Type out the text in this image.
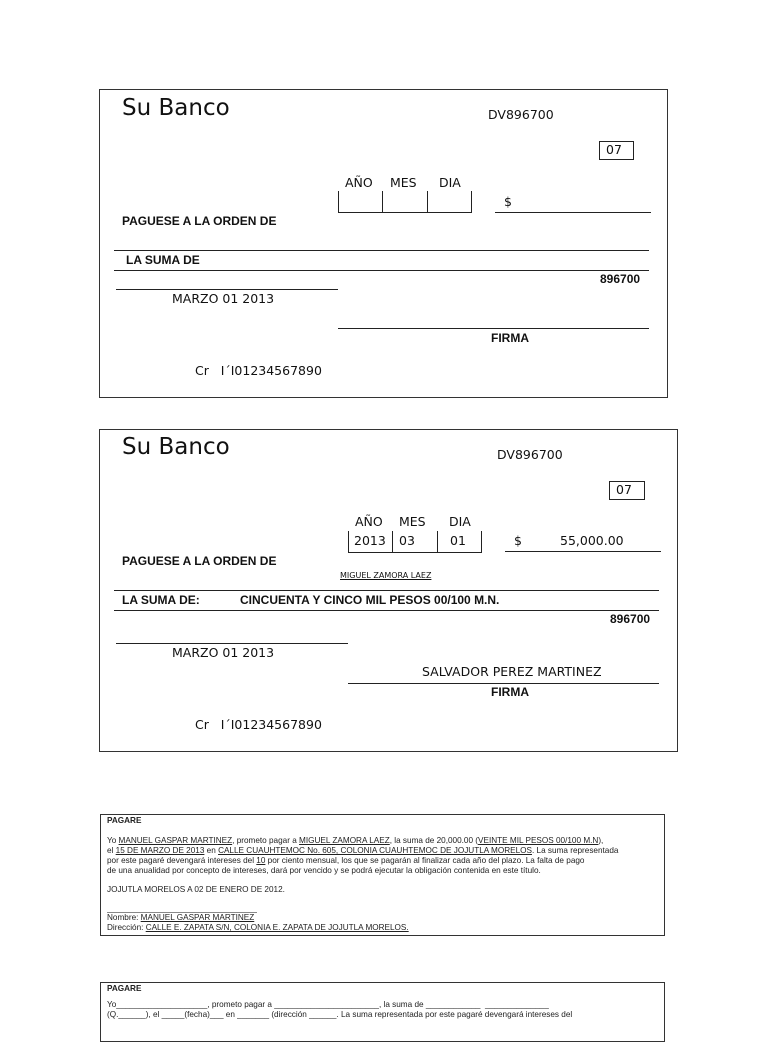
Su Banco	DV896700
07
AÑO MES DIA
$
PAGUESE A LA ORDEN DE
LA SUMA DE
896700
MARZO 01 2013
FIRMA
Cr   I´I01234567890
Su Banco	DV896700
07
AÑO MES DIA
2013 03	01	$	55,000.00
PAGUESE A LA ORDEN DE
MIGUEL ZAMORA LAEZ
LA SUMA DE:	CINCUENTA Y CINCO MIL PESOS 00/100 M.N.
896700
MARZO 01 2013
SALVADOR PEREZ MARTINEZ
FIRMA
Cr   I´I01234567890

PAGARE

Yo MANUEL GASPAR MARTINEZ, prometo pagar a MIGUEL ZAMORA LAEZ, la suma de 20,000.00 (VEINTE MIL PESOS 00/100 M.N),
el 15 DE MARZO DE 2013 en CALLE CUAUHTEMOC No. 605, COLONIA CUAUHTEMOC DE JOJUTLA MORELOS. La suma representada
por este pagaré devengará intereses del 10 por ciento mensual, los que se pagarán al finalizar cada año del plazo. La falta de pago
de una anualidad por concepto de intereses, dará por vencido y se podrá ejecutar la obligación contenida en este título.

JOJUTLA MORELOS A 02 DE ENERO DE 2012.

Nombre: MANUEL GASPAR MARTINEZ

Dirección: CALLE E. ZAPATA S/N, COLONIA E. ZAPATA DE JOJUTLA MORELOS.

PAGARE

Yo____________________, prometo pagar a _______________________, la suma de ____________  ______________

(Q.______), el _____(fecha)___ en _______ (dirección ______. La suma representada por este pagaré devengará intereses del
